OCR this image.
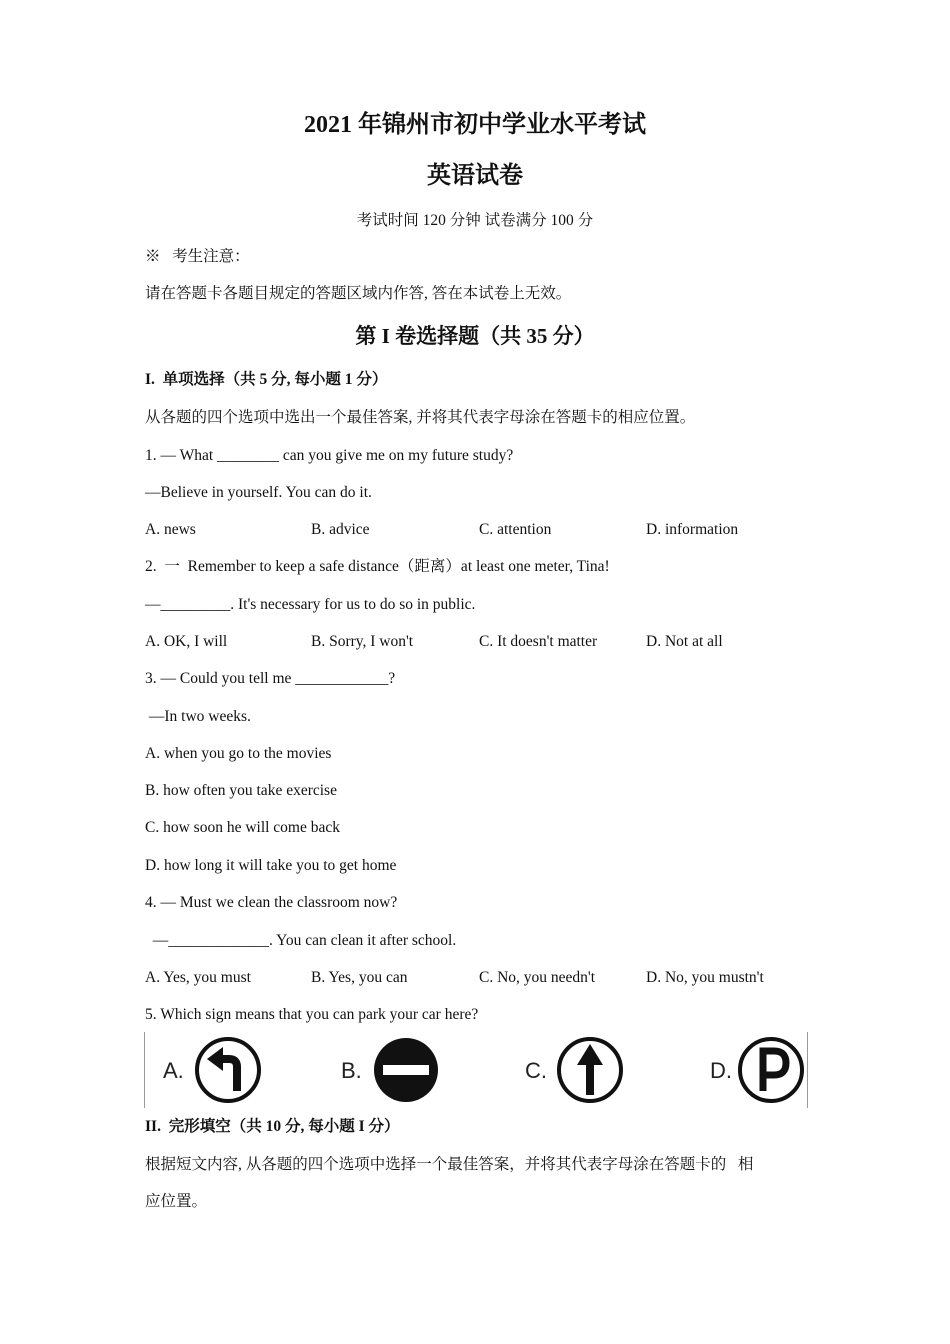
2021 年锦州市初中学业水平考试
英语试卷
考试时间 120 分钟 试卷满分 100 分
※   考生注意：
请在答题卡各题目规定的答题区域内作答, 答在本试卷上无效。
第 I 卷选择题（共 35 分）
I.  单项选择（共 5 分, 每小题 1 分）
从各题的四个选项中选出一个最佳答案, 并将其代表字母涂在答题卡的相应位置。
1. — What ________ can you give me on my future study?
—Believe in yourself. You can do it.
A. news	B. advice	C. attention	D. information
2.  一  Remember to keep a safe distance（距离）at least one meter, Tina!
—_________. It's necessary for us to do so in public.
A. OK, I will	B. Sorry, I won't	C. It doesn't matter	D. Not at all
3. — Could you tell me ____________?
—In two weeks.
A. when you go to the movies
B. how often you take exercise
C. how soon he will come back
D. how long it will take you to get home
4. — Must we clean the classroom now?
—_____________. You can clean it after school.
A. Yes, you must	B. Yes, you can	C. No, you needn't	D. No, you mustn't
5. Which sign means that you can park your car here?
A.	B.	C.	D.
II.  完形填空（共 10 分, 每小题 I 分）
根据短文内容, 从各题的四个选项中选择一个最佳答案，并将其代表字母涂在答题卡的   相
应位置。
